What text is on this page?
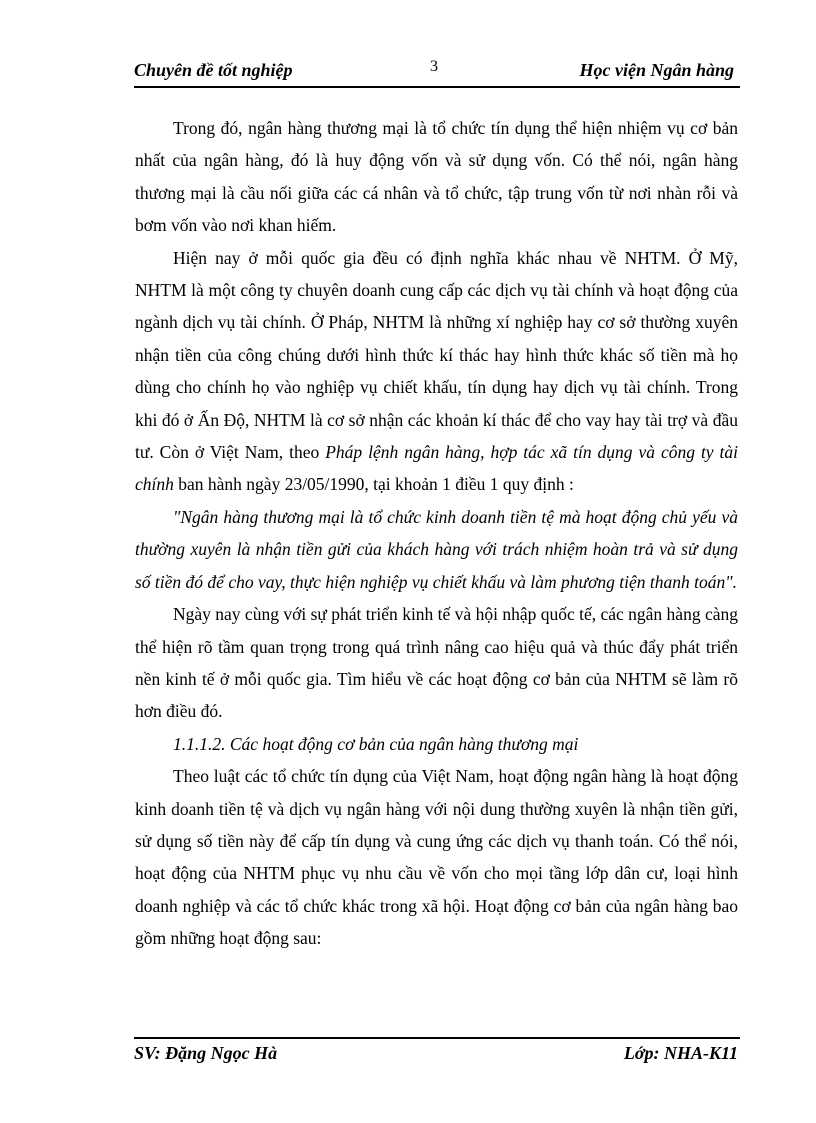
Chuyên đề tốt nghiệp	3	Học viện Ngân hàng

Trong đó, ngân hàng thương mại là tổ chức tín dụng thể hiện nhiệm vụ cơ bản nhất của ngân hàng, đó là huy động vốn và sử dụng vốn. Có thể nói, ngân hàng thương mại là cầu nối giữa các cá nhân và tổ chức, tập trung vốn từ nơi nhàn rỗi và bơm vốn vào nơi khan hiếm.

Hiện nay ở mỗi quốc gia đều có định nghĩa khác nhau về NHTM. Ở Mỹ, NHTM là một công ty chuyên doanh cung cấp các dịch vụ tài chính và hoạt động của ngành dịch vụ tài chính. Ở Pháp, NHTM là những xí nghiệp hay cơ sở thường xuyên nhận tiền của công chúng dưới hình thức kí thác hay hình thức khác số tiền mà họ dùng cho chính họ vào nghiệp vụ chiết khấu, tín dụng hay dịch vụ tài chính. Trong khi đó ở Ấn Độ, NHTM là cơ sở nhận các khoản kí thác để cho vay hay tài trợ và đầu tư. Còn ở Việt Nam, theo Pháp lệnh ngân hàng, hợp tác xã tín dụng và công ty tài chính ban hành ngày 23/05/1990, tại khoản 1 điều 1 quy định :

"Ngân hàng thương mại là tổ chức kinh doanh tiền tệ mà hoạt động chủ yếu và thường xuyên là nhận tiền gửi của khách hàng với trách nhiệm hoàn trả và sử dụng số tiền đó để cho vay, thực hiện nghiệp vụ chiết khấu và làm phương tiện thanh toán".

Ngày nay cùng với sự phát triển kinh tế và hội nhập quốc tế, các ngân hàng càng thể hiện rõ tầm quan trọng trong quá trình nâng cao hiệu quả và thúc đẩy phát triển nền kinh tế ở mỗi quốc gia. Tìm hiểu về các hoạt động cơ bản của NHTM sẽ làm rõ hơn điều đó.

1.1.1.2. Các hoạt động cơ bản của ngân hàng thương mại

Theo luật các tổ chức tín dụng của Việt Nam, hoạt động ngân hàng là hoạt động kinh doanh tiền tệ và dịch vụ ngân hàng với nội dung thường xuyên là nhận tiền gửi, sử dụng số tiền này để cấp tín dụng và cung ứng các dịch vụ thanh toán. Có thể nói, hoạt động của NHTM phục vụ nhu cầu về vốn cho mọi tầng lớp dân cư, loại hình doanh nghiệp và các tổ chức khác trong xã hội. Hoạt động cơ bản của ngân hàng bao gồm những hoạt động sau:

SV: Đặng Ngọc Hà	Lớp: NHA-K11
